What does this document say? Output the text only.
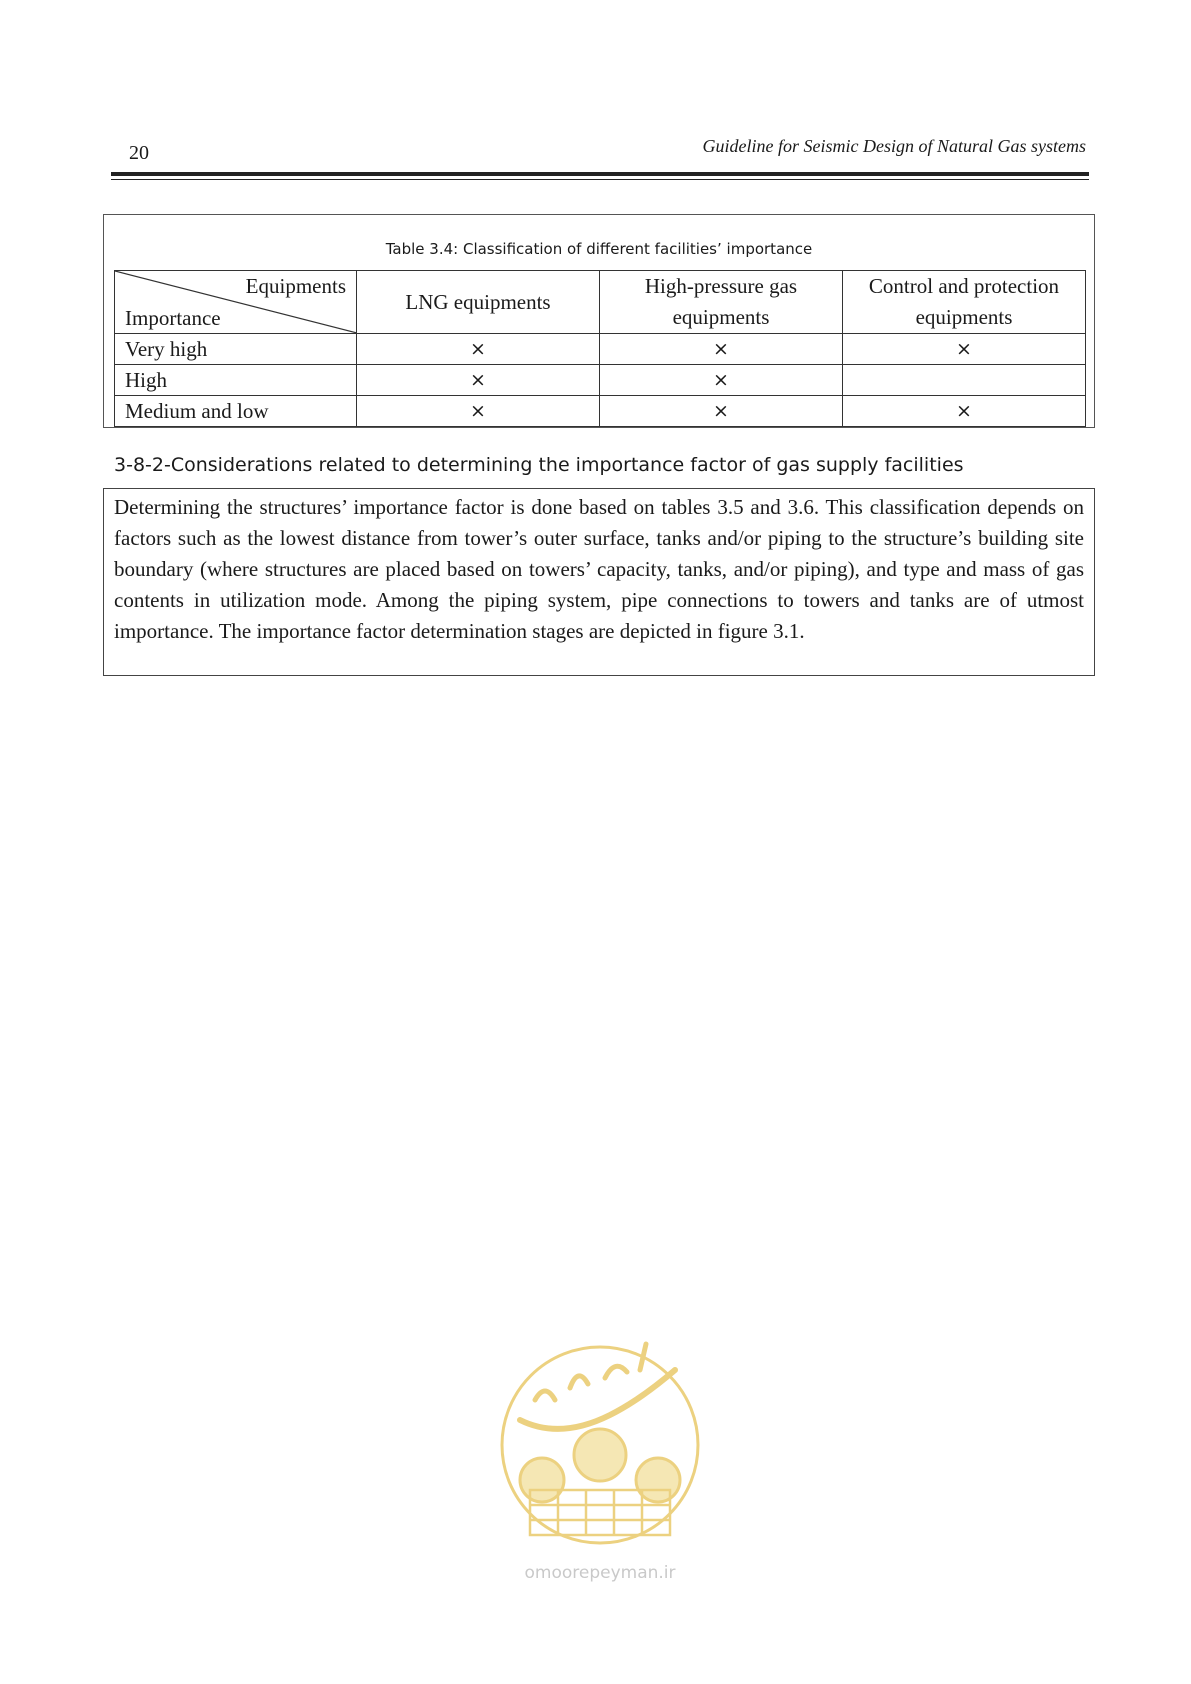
20	Guideline for Seismic Design of Natural Gas systems
Table 3.4: Classification of different facilities’ importance
Equipments
Importance	LNG equipments	High-pressure gas equipments	Control and protection equipments
Very high	×	×	×
High	×	×	
Medium and low	×	×	×
3-8-2-Considerations related to determining the importance factor of gas supply facilities
Determining the structures’ importance factor is done based on tables 3.5 and 3.6. This classification depends on factors such as the lowest distance from tower’s outer surface, tanks and/or piping to the structure’s building site boundary (where structures are placed based on towers’ capacity, tanks, and/or piping), and type and mass of gas contents in utilization mode. Among the piping system, pipe connections to towers and tanks are of utmost importance. The importance factor determination stages are depicted in figure 3.1.
omoorepeyman.ir
